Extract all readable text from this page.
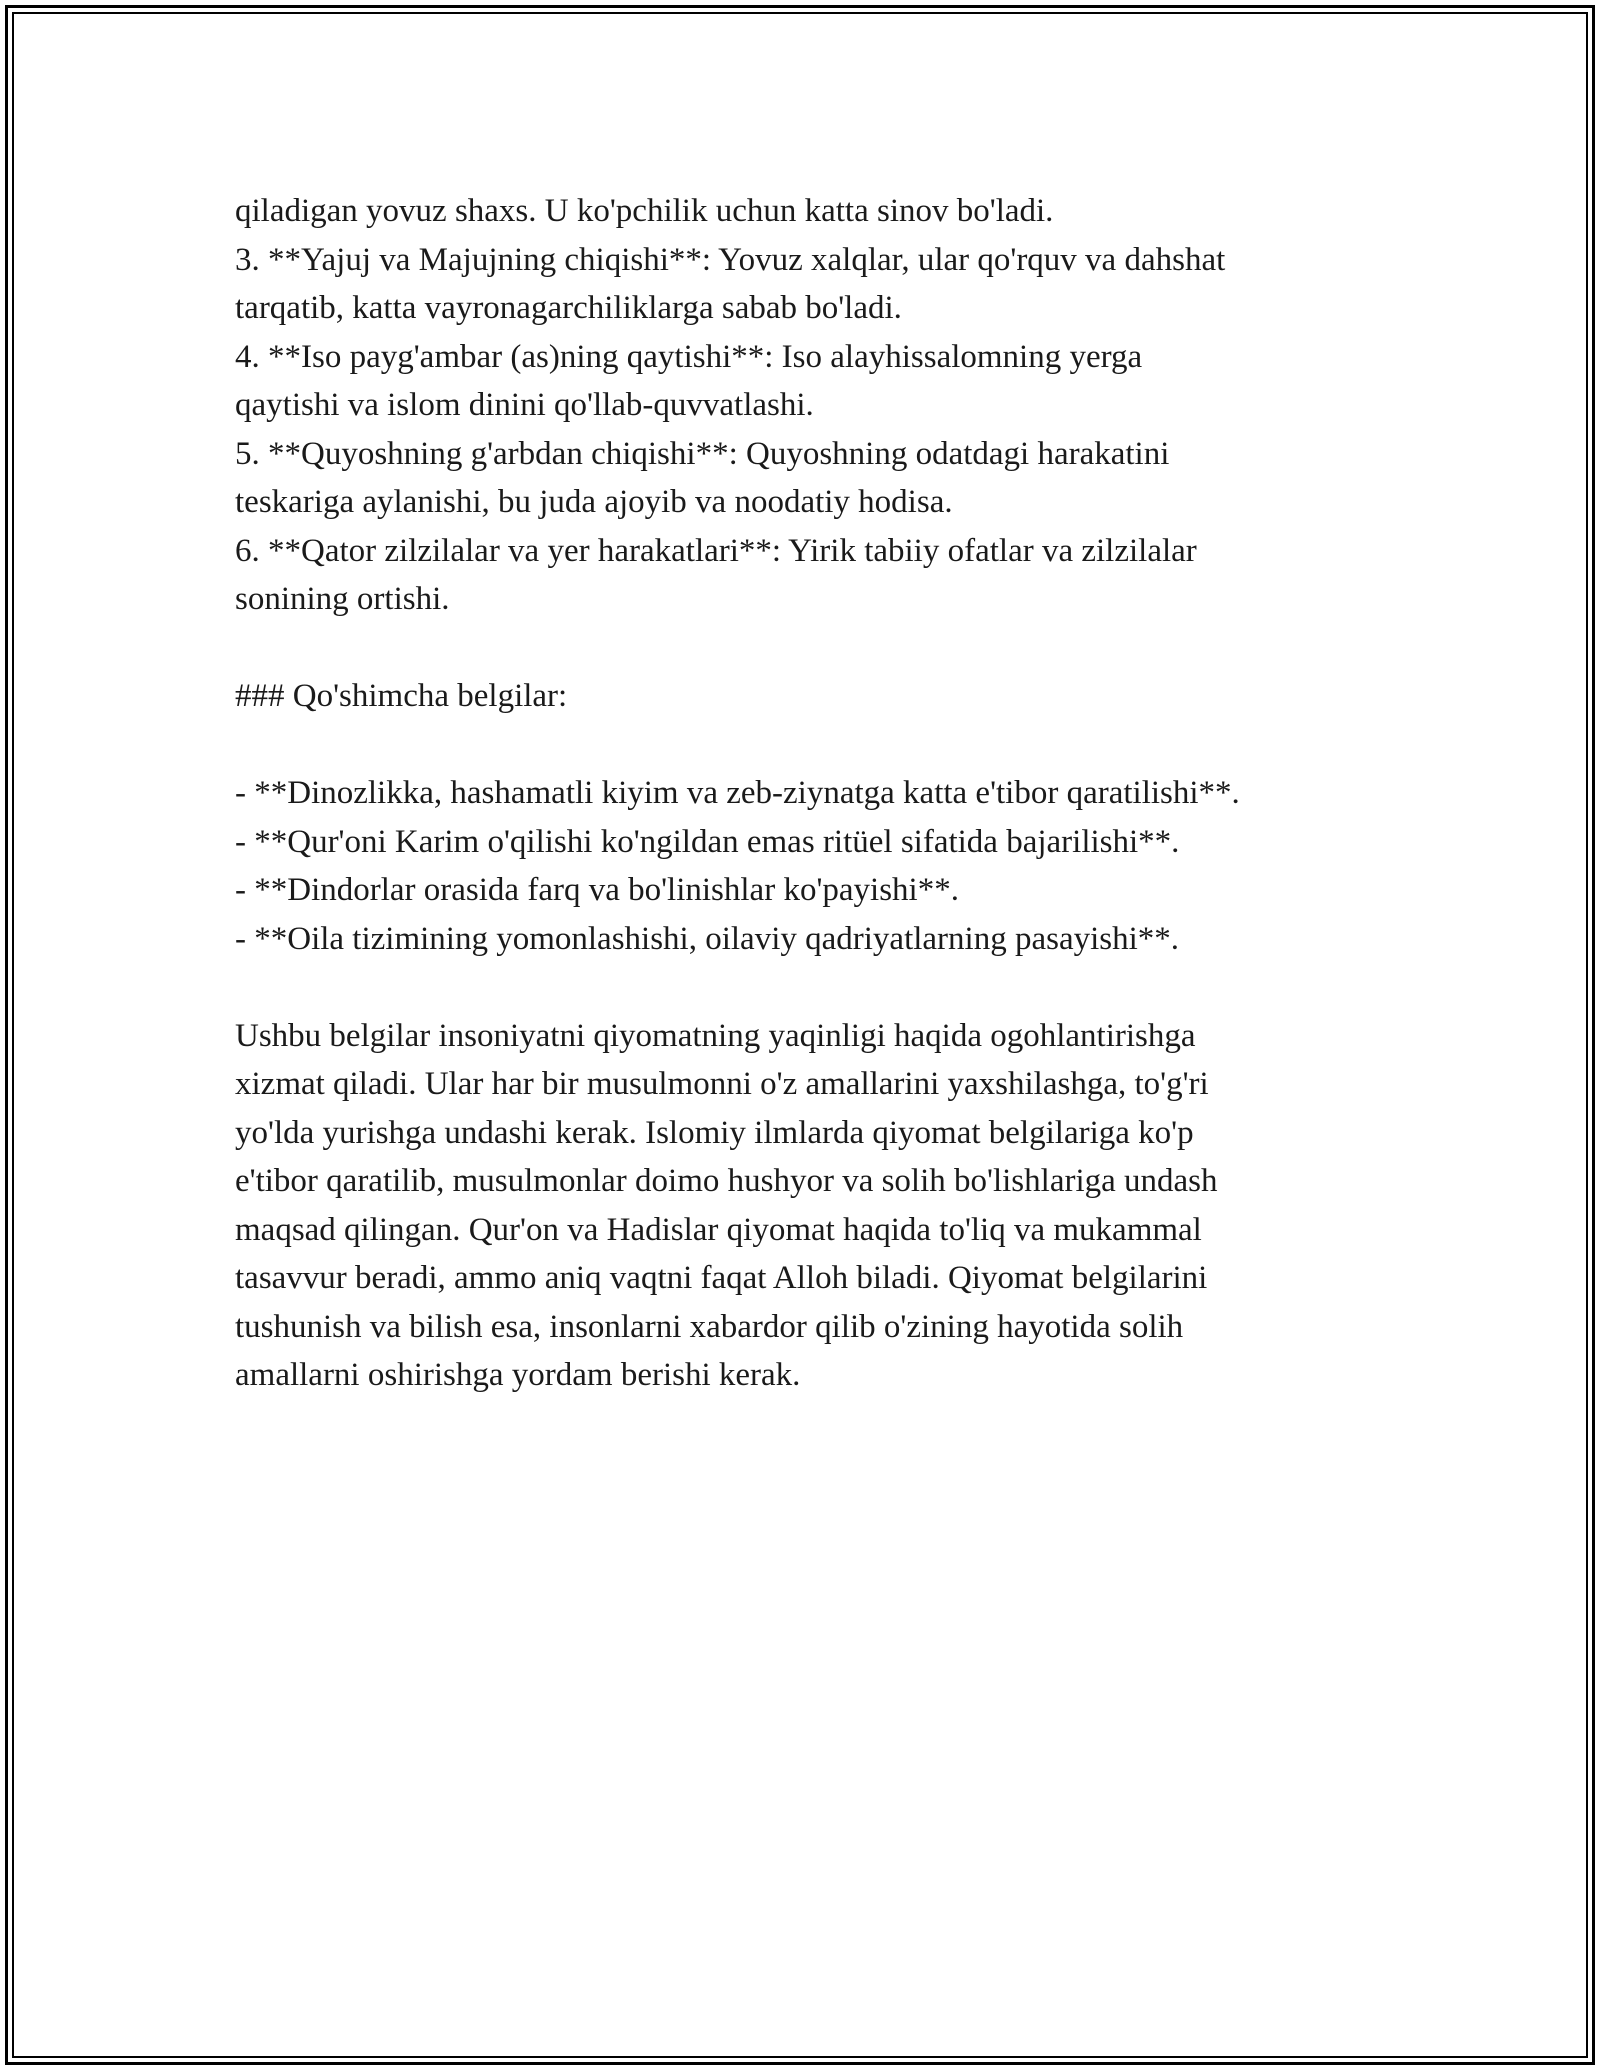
qiladigan yovuz shaxs. U ko'pchilik uchun katta sinov bo'ladi.

3. **Yajuj va Majujning chiqishi**: Yovuz xalqlar, ular qo'rquv va dahshat

tarqatib, katta vayronagarchiliklarga sabab bo'ladi.

4. **Iso payg'ambar (as)ning qaytishi**: Iso alayhissalomning yerga

qaytishi va islom dinini qo'llab-quvvatlashi.

5. **Quyoshning g'arbdan chiqishi**: Quyoshning odatdagi harakatini

teskariga aylanishi, bu juda ajoyib va noodatiy hodisa.

6. **Qator zilzilalar va yer harakatlari**: Yirik tabiiy ofatlar va zilzilalar

sonining ortishi.

### Qo'shimcha belgilar:

- **Dinozlikka, hashamatli kiyim va zeb-ziynatga katta e'tibor qaratilishi**.

- **Qur'oni Karim o'qilishi ko'ngildan emas ritüel sifatida bajarilishi**.

- **Dindorlar orasida farq va bo'linishlar ko'payishi**.

- **Oila tizimining yomonlashishi, oilaviy qadriyatlarning pasayishi**.

Ushbu belgilar insoniyatni qiyomatning yaqinligi haqida ogohlantirishga

xizmat qiladi. Ular har bir musulmonni o'z amallarini yaxshilashga, to'g'ri

yo'lda yurishga undashi kerak. Islomiy ilmlarda qiyomat belgilariga ko'p

e'tibor qaratilib, musulmonlar doimo hushyor va solih bo'lishlariga undash

maqsad qilingan. Qur'on va Hadislar qiyomat haqida to'liq va mukammal

tasavvur beradi, ammo aniq vaqtni faqat Alloh biladi. Qiyomat belgilarini

tushunish va bilish esa, insonlarni xabardor qilib o'zining hayotida solih

amallarni oshirishga yordam berishi kerak.
